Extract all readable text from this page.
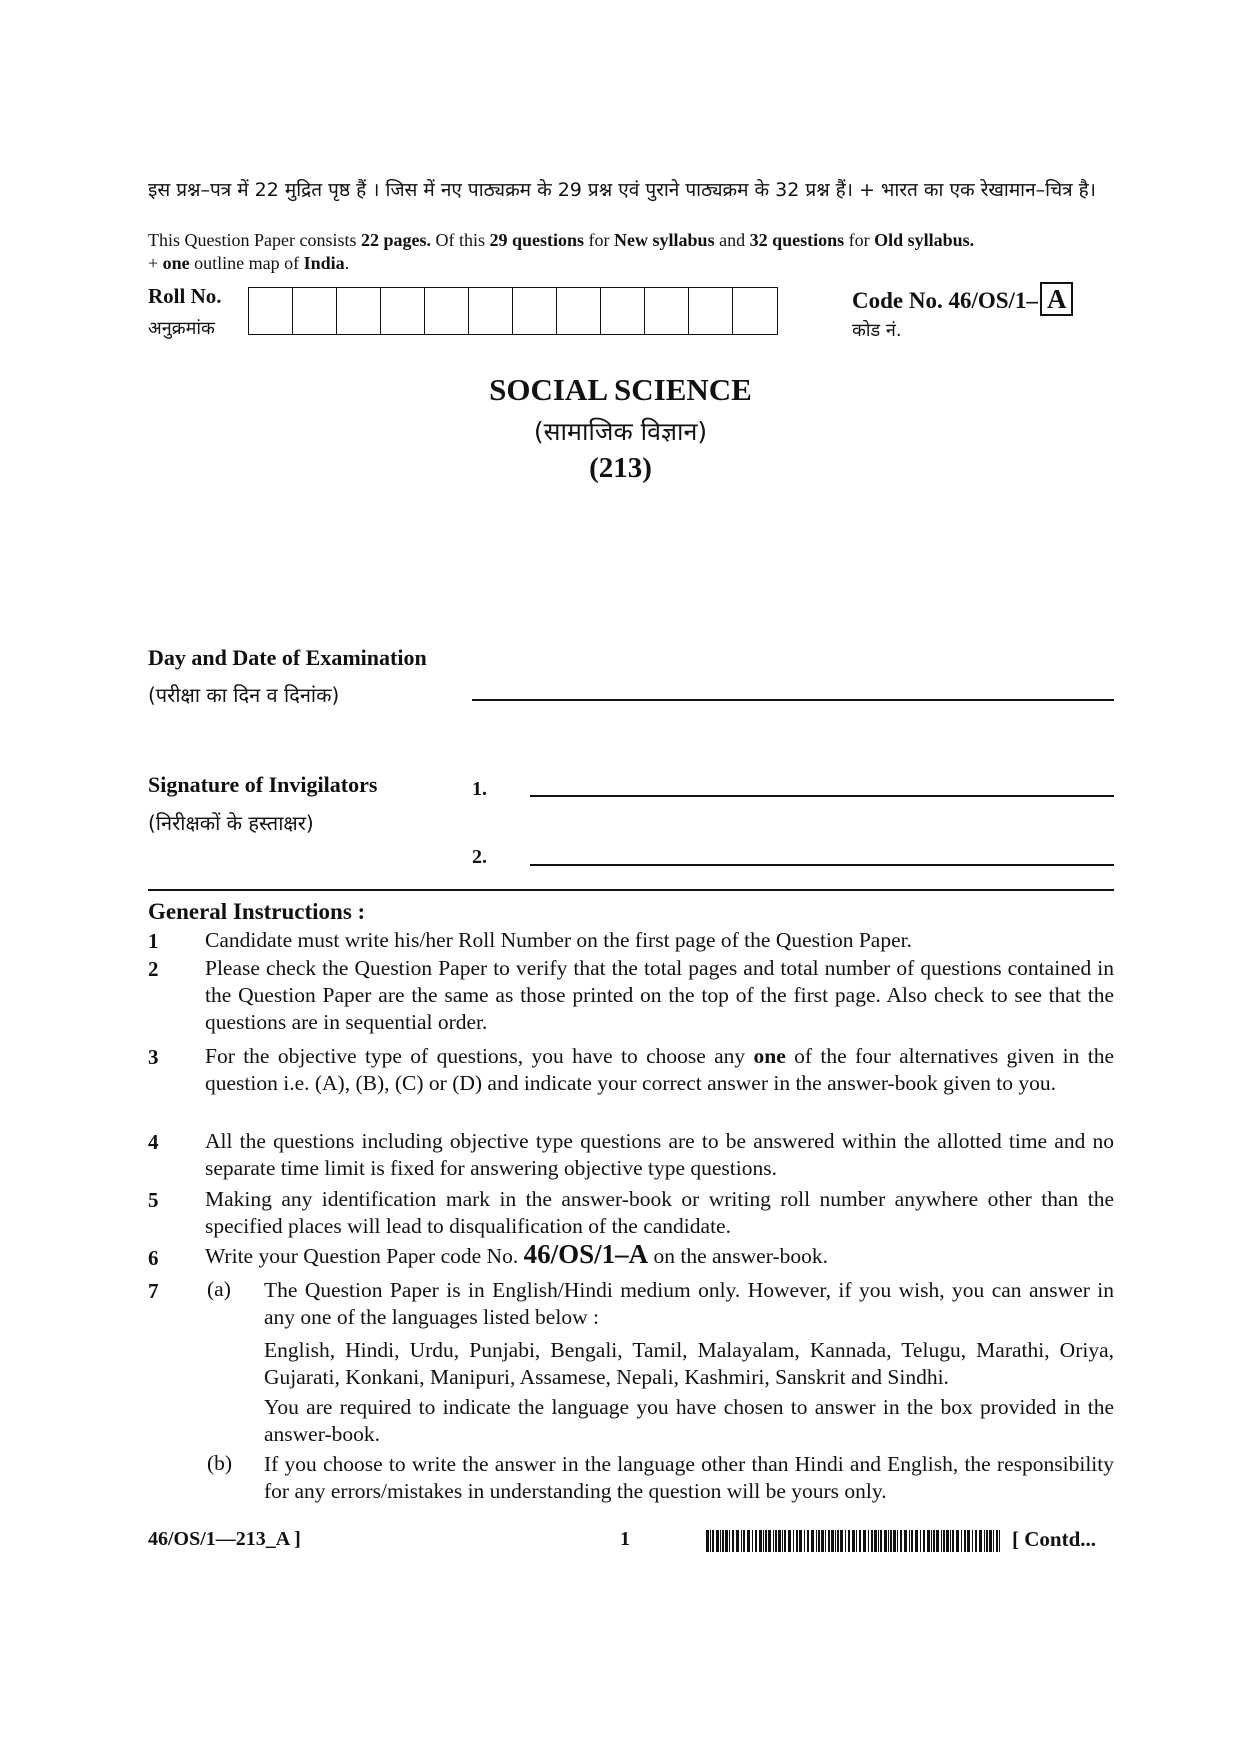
इस प्रश्न–पत्र में 22 मुद्रित पृष्ठ हैं । जिस में नए पाठ्यक्रम के 29 प्रश्न एवं पुराने पाठ्यक्रम के 32 प्रश्न हैं। + भारत का एक रेखामान–चित्र है।
This Question Paper consists 22 pages. Of this 29 questions for New syllabus and 32 questions for Old syllabus.
+ one outline map of India.
Roll No.
अनुक्रमांक
Code No. 46/OS/1– A
कोड नं.
SOCIAL SCIENCE
(सामाजिक विज्ञान)
(213)
Day and Date of Examination
(परीक्षा का दिन व दिनांक)
Signature of Invigilators
(निरीक्षकों के हस्ताक्षर)
1.
2.
General Instructions :
1 Candidate must write his/her Roll Number on the first page of the Question Paper.
2 Please check the Question Paper to verify that the total pages and total number of questions contained in the Question Paper are the same as those printed on the top of the first page. Also check to see that the questions are in sequential order.
3 For the objective type of questions, you have to choose any one of the four alternatives given in the question i.e. (A), (B), (C) or (D) and indicate your correct answer in the answer-book given to you.
4 All the questions including objective type questions are to be answered within the allotted time and no separate time limit is fixed for answering objective type questions.
5 Making any identification mark in the answer-book or writing roll number anywhere other than the specified places will lead to disqualification of the candidate.
6 Write your Question Paper code No. 46/OS/1–A on the answer-book.
7 (a) The Question Paper is in English/Hindi medium only. However, if you wish, you can answer in any one of the languages listed below :
English, Hindi, Urdu, Punjabi, Bengali, Tamil, Malayalam, Kannada, Telugu, Marathi, Oriya, Gujarati, Konkani, Manipuri, Assamese, Nepali, Kashmiri, Sanskrit and Sindhi.
You are required to indicate the language you have chosen to answer in the box provided in the answer-book.
(b) If you choose to write the answer in the language other than Hindi and English, the responsibility for any errors/mistakes in understanding the question will be yours only.
46/OS/1—213_A ]	1	[ Contd...
